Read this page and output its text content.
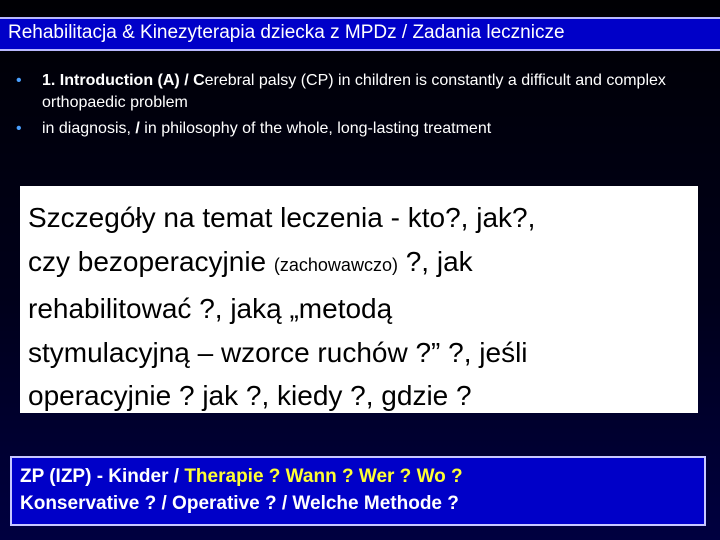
Rehabilitacja & Kinezyterapia dziecka z MPDz / Zadania lecznicze
• 1. Introduction (A) / Cerebral palsy (CP) in children is constantly a difficult and complex orthopaedic problem
• in diagnosis, / in philosophy of the whole, long-lasting treatment
Szczegóły na temat leczenia - kto?, jak?,
czy bezoperacyjnie (zachowawczo) ?, jak
rehabilitować ?, jaką „metodą
stymulacyjną – wzorce ruchów ?” ?, jeśli
operacyjnie ? jak ?, kiedy ?, gdzie ?
ZP (IZP) - Kinder / Therapie ? Wann ? Wer ? Wo ?
Konservative ? / Operative ? / Welche Methode ?
